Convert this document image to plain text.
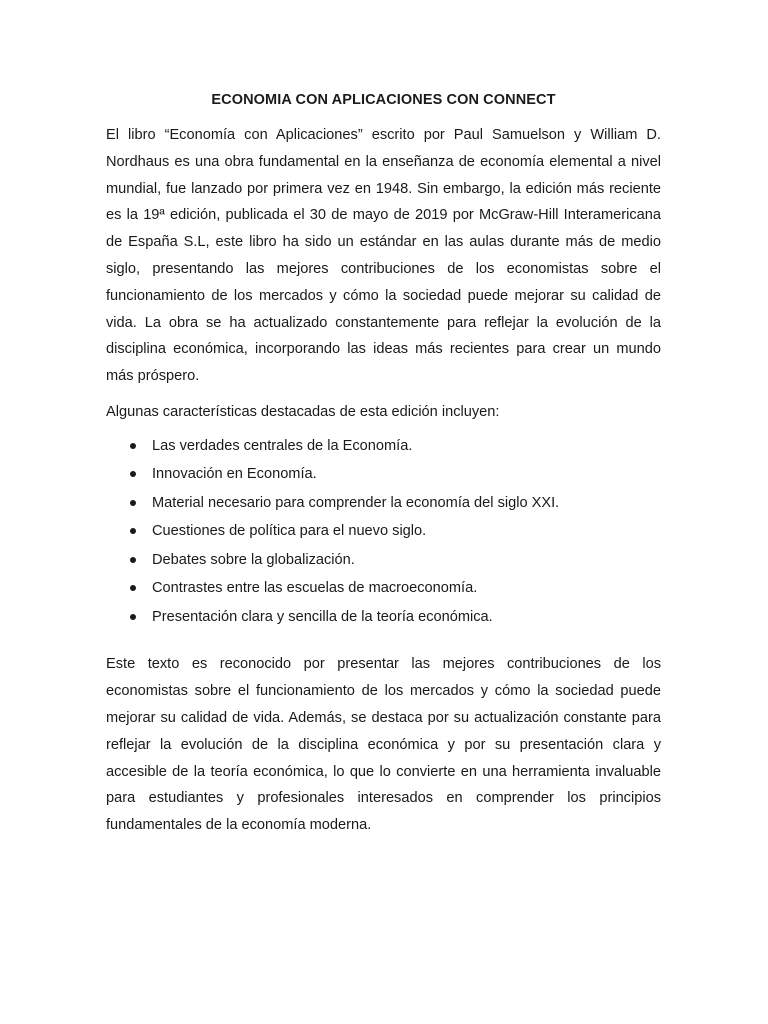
ECONOMIA CON APLICACIONES CON CONNECT

El libro “Economía con Aplicaciones” escrito por Paul Samuelson y William D. Nordhaus es una obra fundamental en la enseñanza de economía elemental a nivel mundial, fue lanzado por primera vez en 1948. Sin embargo, la edición más reciente es la 19ª edición, publicada el 30 de mayo de 2019 por McGraw-Hill Interamericana de España S.L, este libro ha sido un estándar en las aulas durante más de medio siglo, presentando las mejores contribuciones de los economistas sobre el funcionamiento de los mercados y cómo la sociedad puede mejorar su calidad de vida. La obra se ha actualizado constantemente para reflejar la evolución de la disciplina económica, incorporando las ideas más recientes para crear un mundo más próspero.

Algunas características destacadas de esta edición incluyen:

Las verdades centrales de la Economía.
Innovación en Economía.
Material necesario para comprender la economía del siglo XXI.
Cuestiones de política para el nuevo siglo.
Debates sobre la globalización.
Contrastes entre las escuelas de macroeconomía.
Presentación clara y sencilla de la teoría económica.

Este texto es reconocido por presentar las mejores contribuciones de los economistas sobre el funcionamiento de los mercados y cómo la sociedad puede mejorar su calidad de vida. Además, se destaca por su actualización constante para reflejar la evolución de la disciplina económica y por su presentación clara y accesible de la teoría económica, lo que lo convierte en una herramienta invaluable para estudiantes y profesionales interesados en comprender los principios fundamentales de la economía moderna.
